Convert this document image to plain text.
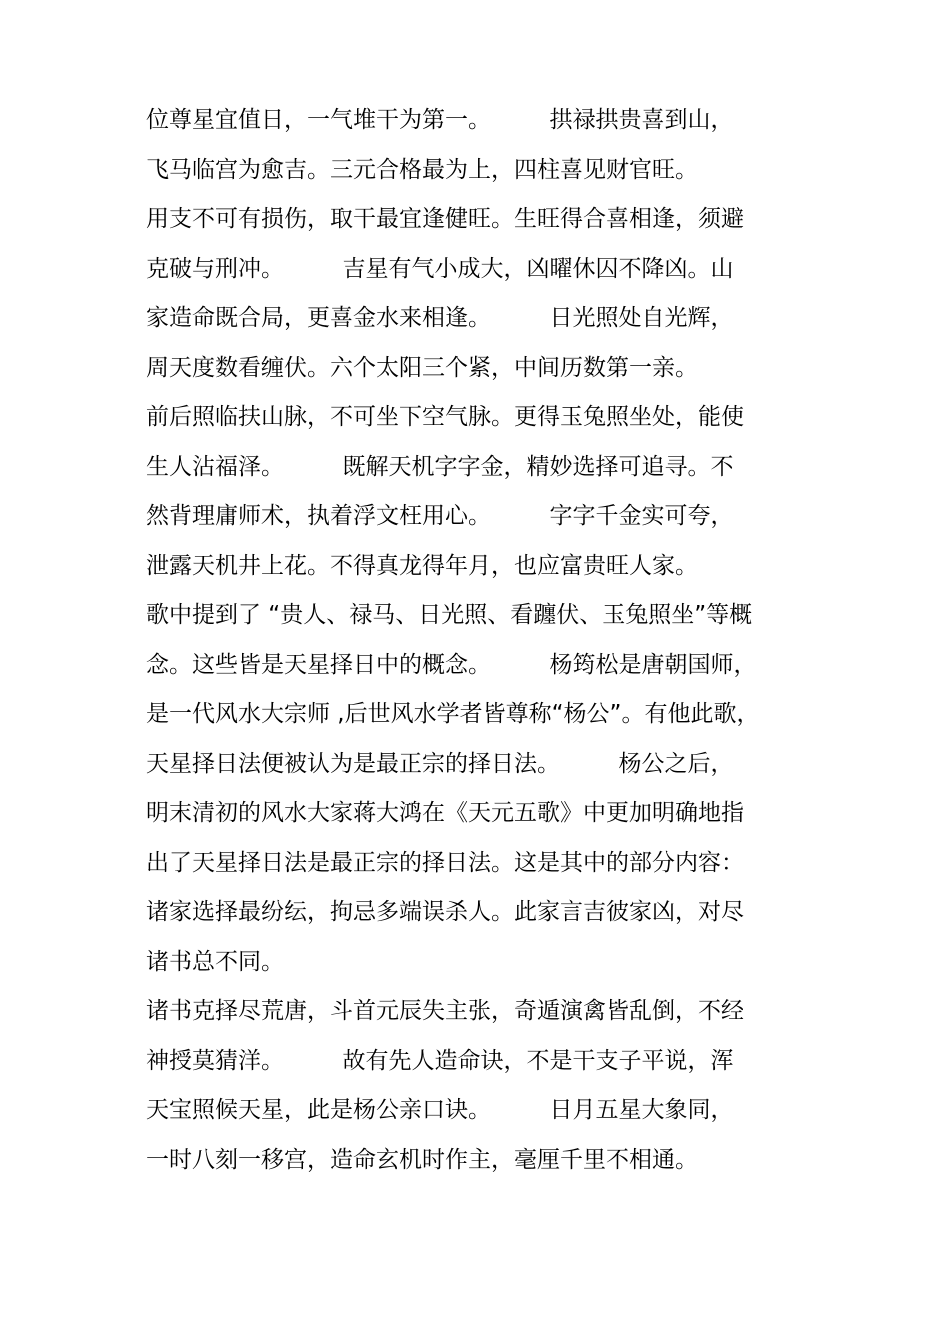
位尊星宜值日，一气堆干为第一。        拱禄拱贵喜到山，
飞马临宫为愈吉。三元合格最为上，四柱喜见财官旺。
用支不可有损伤，取干最宜逢健旺。生旺得合喜相逢，须避
克破与刑冲。        吉星有气小成大，凶曜休囚不降凶。山
家造命既合局，更喜金水来相逢。        日光照处自光辉，
周天度数看缠伏。六个太阳三个紧，中间历数第一亲。
前后照临扶山脉，不可坐下空气脉。更得玉兔照坐处，能使
生人沾福泽。        既解天机字字金，精妙选择可追寻。不
然背理庸师术，执着浮文枉用心。        字字千金实可夸，
泄露天机井上花。不得真龙得年月，也应富贵旺人家。
歌中提到了 “贵人、禄马、日光照、看躔伏、玉兔照坐”等概
念。这些皆是天星择日中的概念。        杨筠松是唐朝国师，
是一代风水大宗师 ,后世风水学者皆尊称“杨公”。有他此歌，
天星择日法便被认为是最正宗的择日法。        杨公之后，
明末清初的风水大家蒋大鸿在《天元五歌》中更加明确地指
出了天星择日法是最正宗的择日法。这是其中的部分内容：
诸家选择最纷纭，拘忌多端误杀人。此家言吉彼家凶，对尽
诸书总不同。
诸书克择尽荒唐，斗首元辰失主张，奇遁演禽皆乱倒，不经
神授莫猜洋。        故有先人造命诀，不是干支子平说，浑
天宝照候天星，此是杨公亲口诀。        日月五星大象同，
一时八刻一移宫，造命玄机时作主，毫厘千里不相通。
